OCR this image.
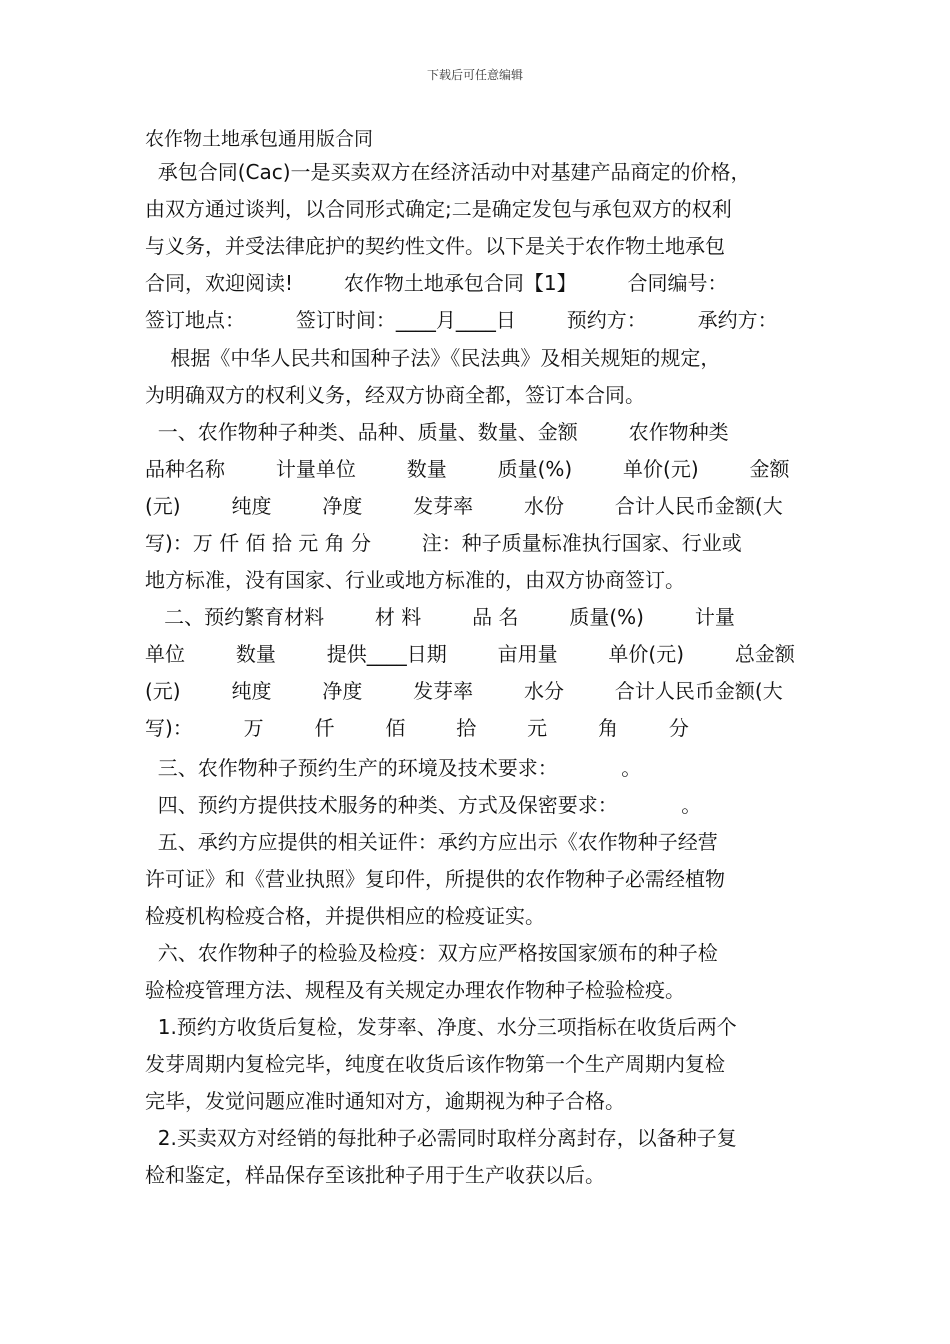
下载后可任意编辑
农作物土地承包通用版合同
承包合同(Cac)一是买卖双方在经济活动中对基建产品商定的价格，
由双方通过谈判，以合同形式确定;二是确定发包与承包双方的权利
与义务，并受法律庇护的契约性文件。以下是关于农作物土地承包
合同，欢迎阅读!        农作物土地承包合同【1】        合同编号：
签订地点：        签订时间：____月____日        预约方：        承约方：
根据《中华人民共和国种子法》《民法典》及相关规矩的规定，
为明确双方的权利义务，经双方协商全都，签订本合同。
一、农作物种子种类、品种、质量、数量、金额        农作物种类
品种名称        计量单位        数量        质量(%)        单价(元)        金额
(元)        纯度        净度        发芽率        水份        合计人民币金额(大
写)：万 仟 佰 拾 元 角 分        注：种子质量标准执行国家、行业或
地方标准，没有国家、行业或地方标准的，由双方协商签订。
二、预约繁育材料        材 料        品 名        质量(%)        计量
单位        数量        提供____日期        亩用量        单价(元)        总金额
(元)        纯度        净度        发芽率        水分        合计人民币金额(大
写)：        万        仟        佰        拾        元        角        分
三、农作物种子预约生产的环境及技术要求：          。
四、预约方提供技术服务的种类、方式及保密要求：          。
五、承约方应提供的相关证件：承约方应出示《农作物种子经营
许可证》和《营业执照》复印件，所提供的农作物种子必需经植物
检疫机构检疫合格，并提供相应的检疫证实。
六、农作物种子的检验及检疫：双方应严格按国家颁布的种子检
验检疫管理方法、规程及有关规定办理农作物种子检验检疫。
1.预约方收货后复检，发芽率、净度、水分三项指标在收货后两个
发芽周期内复检完毕，纯度在收货后该作物第一个生产周期内复检
完毕，发觉问题应准时通知对方，逾期视为种子合格。
2.买卖双方对经销的每批种子必需同时取样分离封存，以备种子复
检和鉴定，样品保存至该批种子用于生产收获以后。
